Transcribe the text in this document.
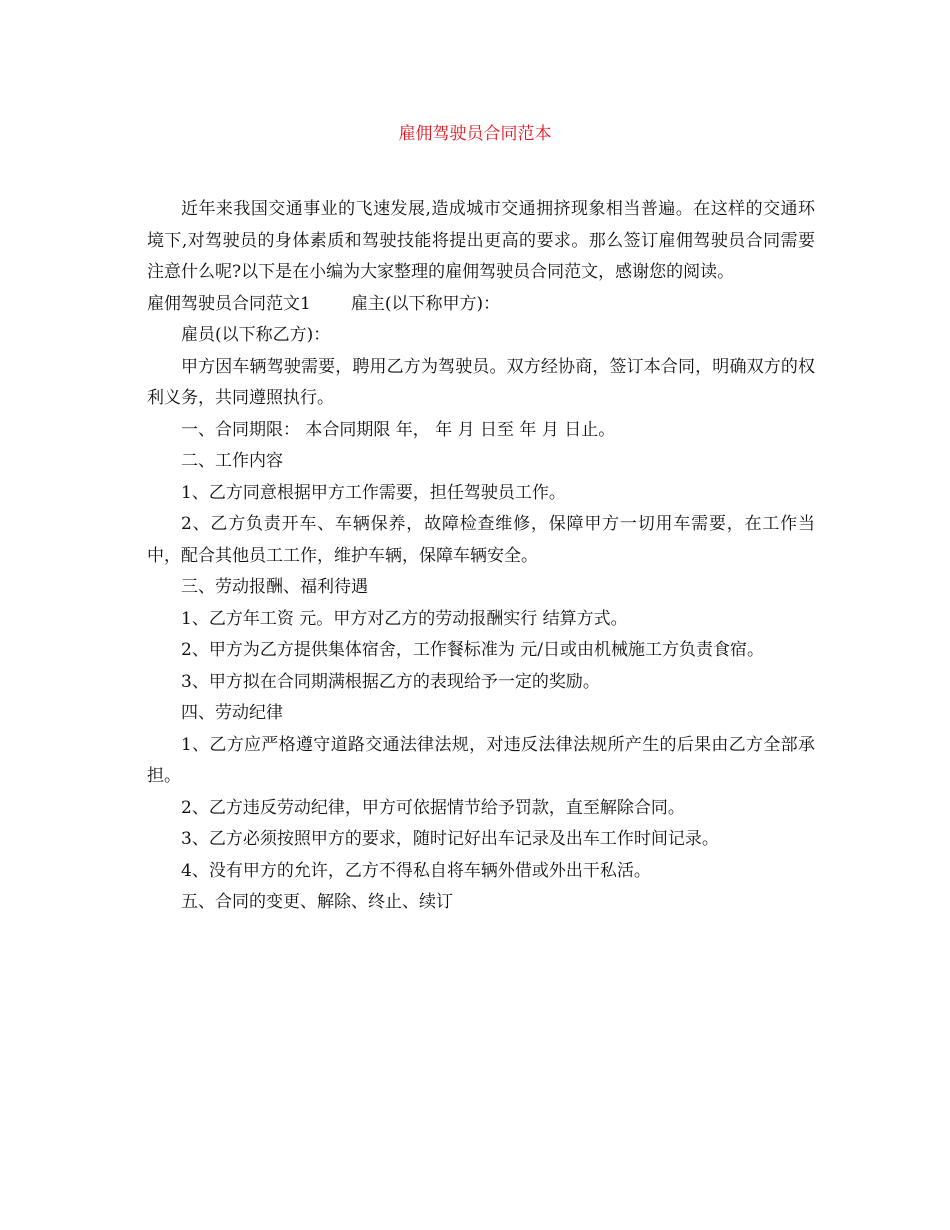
雇佣驾驶员合同范本

近年来我国交通事业的飞速发展,造成城市交通拥挤现象相当普遍。在这样的交通环境下,对驾驶员的身体素质和驾驶技能将提出更高的要求。那么签订雇佣驾驶员合同需要注意什么呢?以下是在小编为大家整理的雇佣驾驶员合同范文，感谢您的阅读。

雇佣驾驶员合同范文1 雇主(以下称甲方)：

雇员(以下称乙方)：

甲方因车辆驾驶需要，聘用乙方为驾驶员。双方经协商，签订本合同，明确双方的权利义务，共同遵照执行。

一、合同期限： 本合同期限 年， 年 月 日至 年 月 日止。

二、工作内容

1、乙方同意根据甲方工作需要，担任驾驶员工作。

2、乙方负责开车、车辆保养，故障检查维修，保障甲方一切用车需要，在工作当中，配合其他员工工作，维护车辆，保障车辆安全。

三、劳动报酬、福利待遇

1、乙方年工资 元。甲方对乙方的劳动报酬实行 结算方式。

2、甲方为乙方提供集体宿舍，工作餐标准为 元/日或由机械施工方负责食宿。

3、甲方拟在合同期满根据乙方的表现给予一定的奖励。

四、劳动纪律

1、乙方应严格遵守道路交通法律法规，对违反法律法规所产生的后果由乙方全部承担。

2、乙方违反劳动纪律，甲方可依据情节给予罚款，直至解除合同。

3、乙方必须按照甲方的要求，随时记好出车记录及出车工作时间记录。

4、没有甲方的允许，乙方不得私自将车辆外借或外出干私活。

五、合同的变更、解除、终止、续订
